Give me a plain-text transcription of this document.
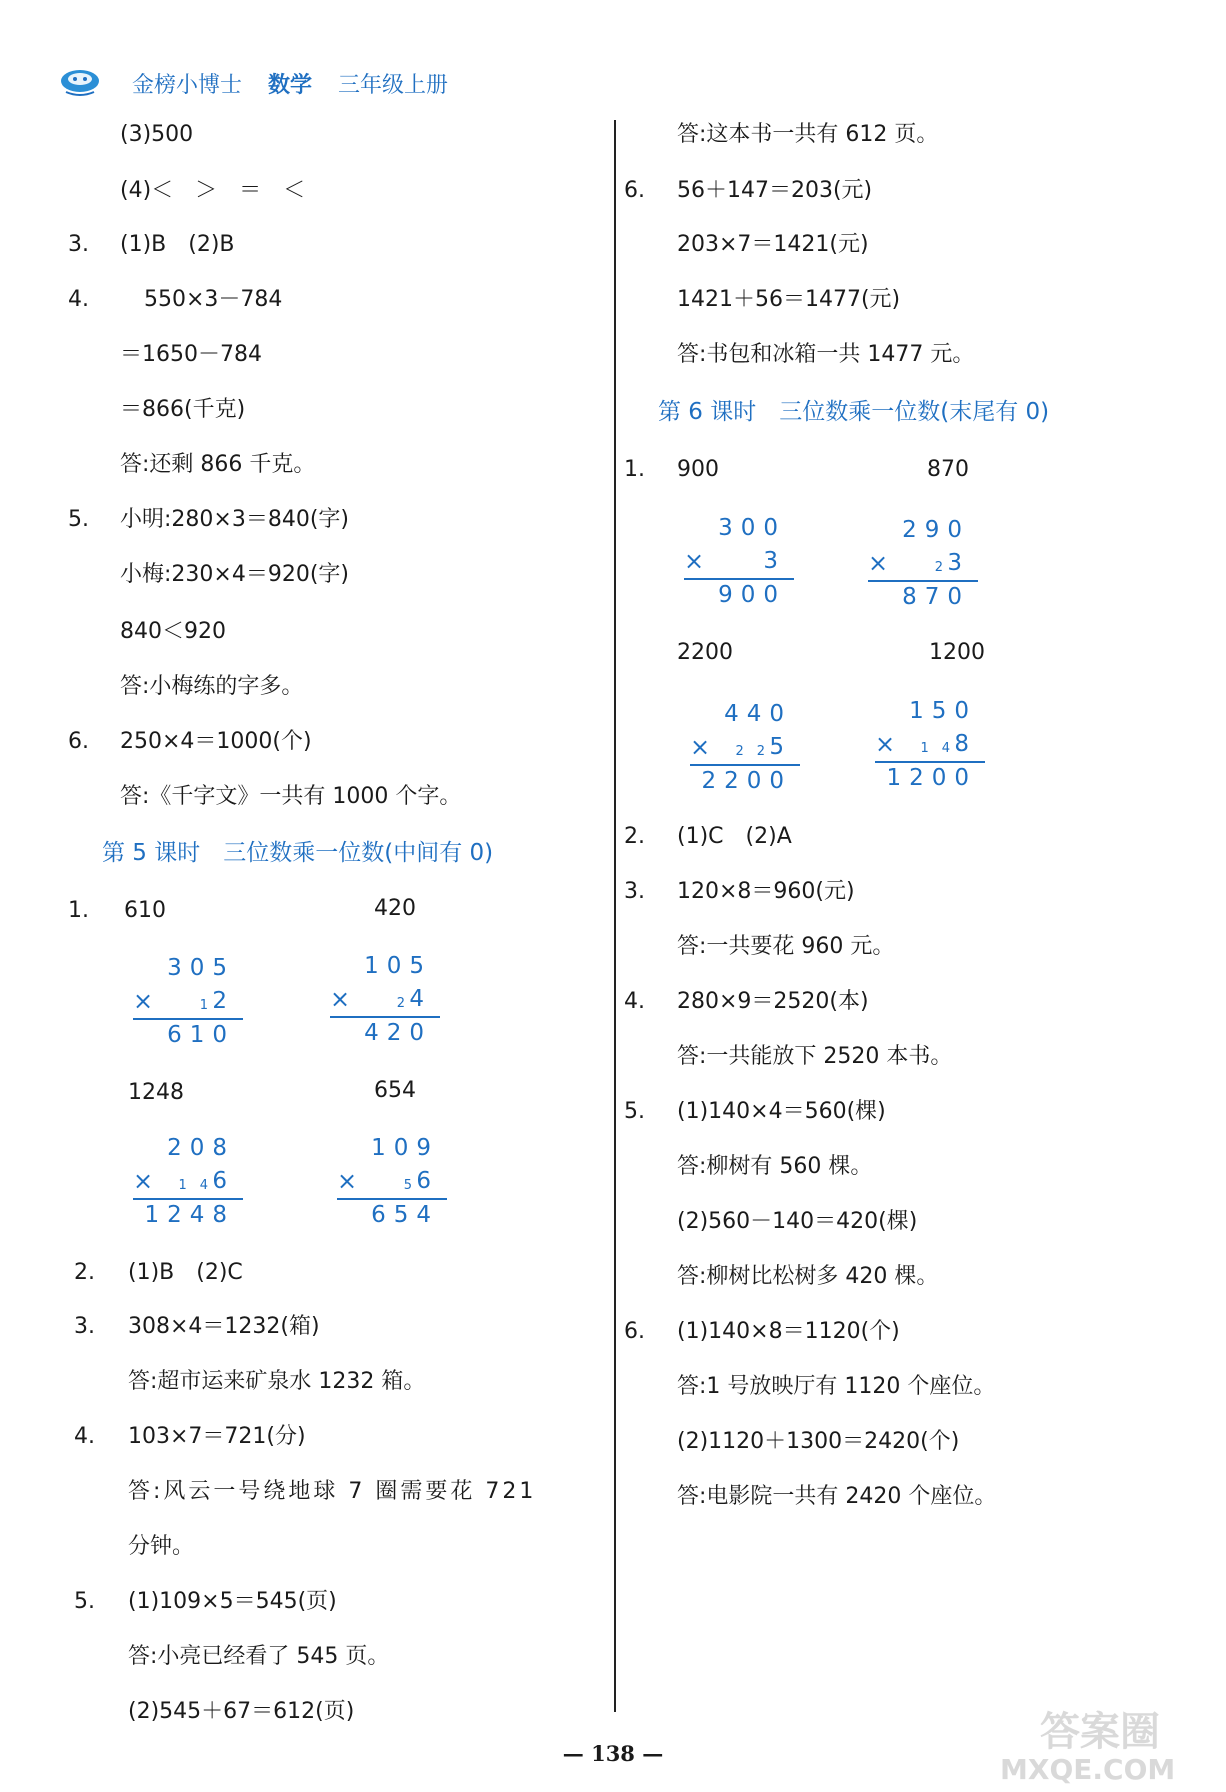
金榜小博士 数学 三年级上册
(3)500
(4)＜　＞　＝　＜
3. (1)B　(2)B
4.	550×3－784
＝1650－784
＝866(千克)
答:还剩 866 千克。
5. 小明:280×3＝840(字)
小梅:230×4＝920(字)
840＜920
答:小梅练的字多。
6. 250×4＝1000(个)
答:《千字文》一共有 1000 个字。
第 5 课时　三位数乘一位数(中间有 0)
1. 610	420
305
×	1 2
610
105
×	2 4
420
1248	654
208
× 1　4 6
1248
109
×	5 6
654
2. (1)B　(2)C
3. 308×4＝1232(箱)
答:超市运来矿泉水 1232 箱。
4. 103×7＝721(分)
答:风云一号绕地球 7 圈需要花 721
分钟。
5. (1)109×5＝545(页)
答:小亮已经看了 545 页。
(2)545＋67＝612(页)
答:这本书一共有 612 页。
6. 56＋147＝203(元)
203×7＝1421(元)
1421＋56＝1477(元)
答:书包和冰箱一共 1477 元。
第 6 课时　三位数乘一位数(末尾有 0)
1. 900	870
300
×	3
900
290
×	2 3
870
2200	1200
440
× 2　2 5
2200
150
× 1　4 8
1200
2. (1)C　(2)A
3. 120×8＝960(元)
答:一共要花 960 元。
4. 280×9＝2520(本)
答:一共能放下 2520 本书。
5. (1)140×4＝560(棵)
答:柳树有 560 棵。
(2)560－140＝420(棵)
答:柳树比松树多 420 棵。
6. (1)140×8＝1120(个)
答:1 号放映厅有 1120 个座位。
(2)1120＋1300＝2420(个)
答:电影院一共有 2420 个座位。
— 138 —	答案圈
MXQE.COM
